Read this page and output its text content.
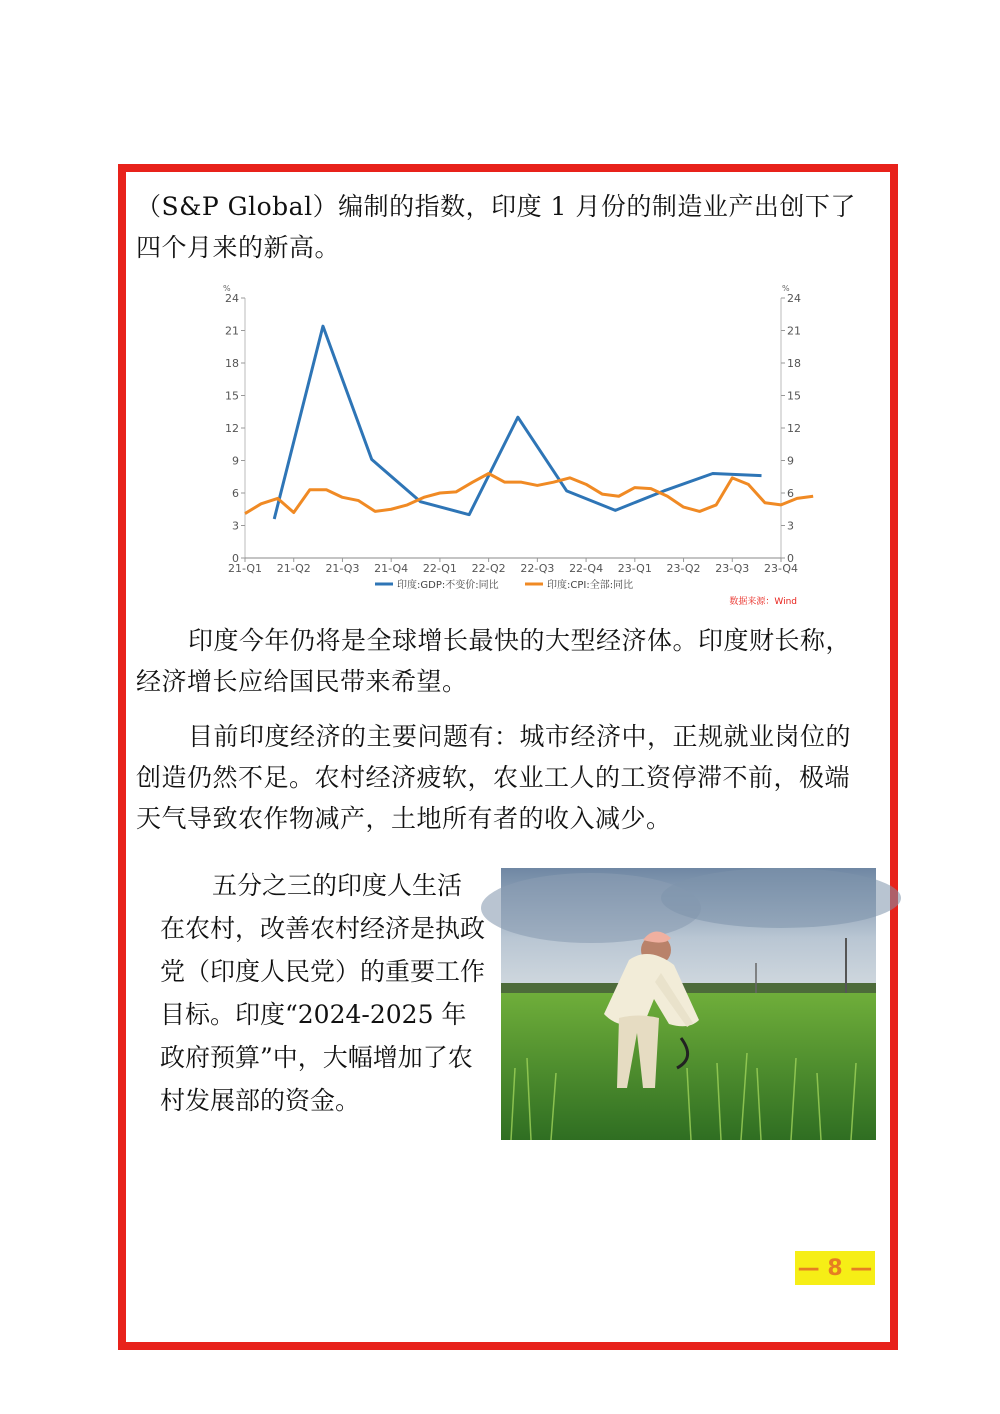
（S&P Global）编制的指数，印度 1 月份的制造业产出创下了四个月来的新高。

%	%
0	0
3	3
6	6
9	9
12	12
15	15
18	18
21	21
24	24
21-Q1 21-Q2 21-Q3 21-Q4 22-Q1 22-Q2 22-Q3 22-Q4 23-Q1 23-Q2 23-Q3 23-Q4
印度:GDP:不变价:同比	印度:CPI:全部:同比
数据来源：Wind

印度今年仍将是全球增长最快的大型经济体。印度财长称，经济增长应给国民带来希望。

目前印度经济的主要问题有：城市经济中，正规就业岗位的创造仍然不足。农村经济疲软，农业工人的工资停滞不前，极端天气导致农作物减产，土地所有者的收入减少。

五分之三的印度人生活在农村，改善农村经济是执政党（印度人民党）的重要工作目标。印度“2024-2025 年政府预算”中，大幅增加了农村发展部的资金。

— 8 —
